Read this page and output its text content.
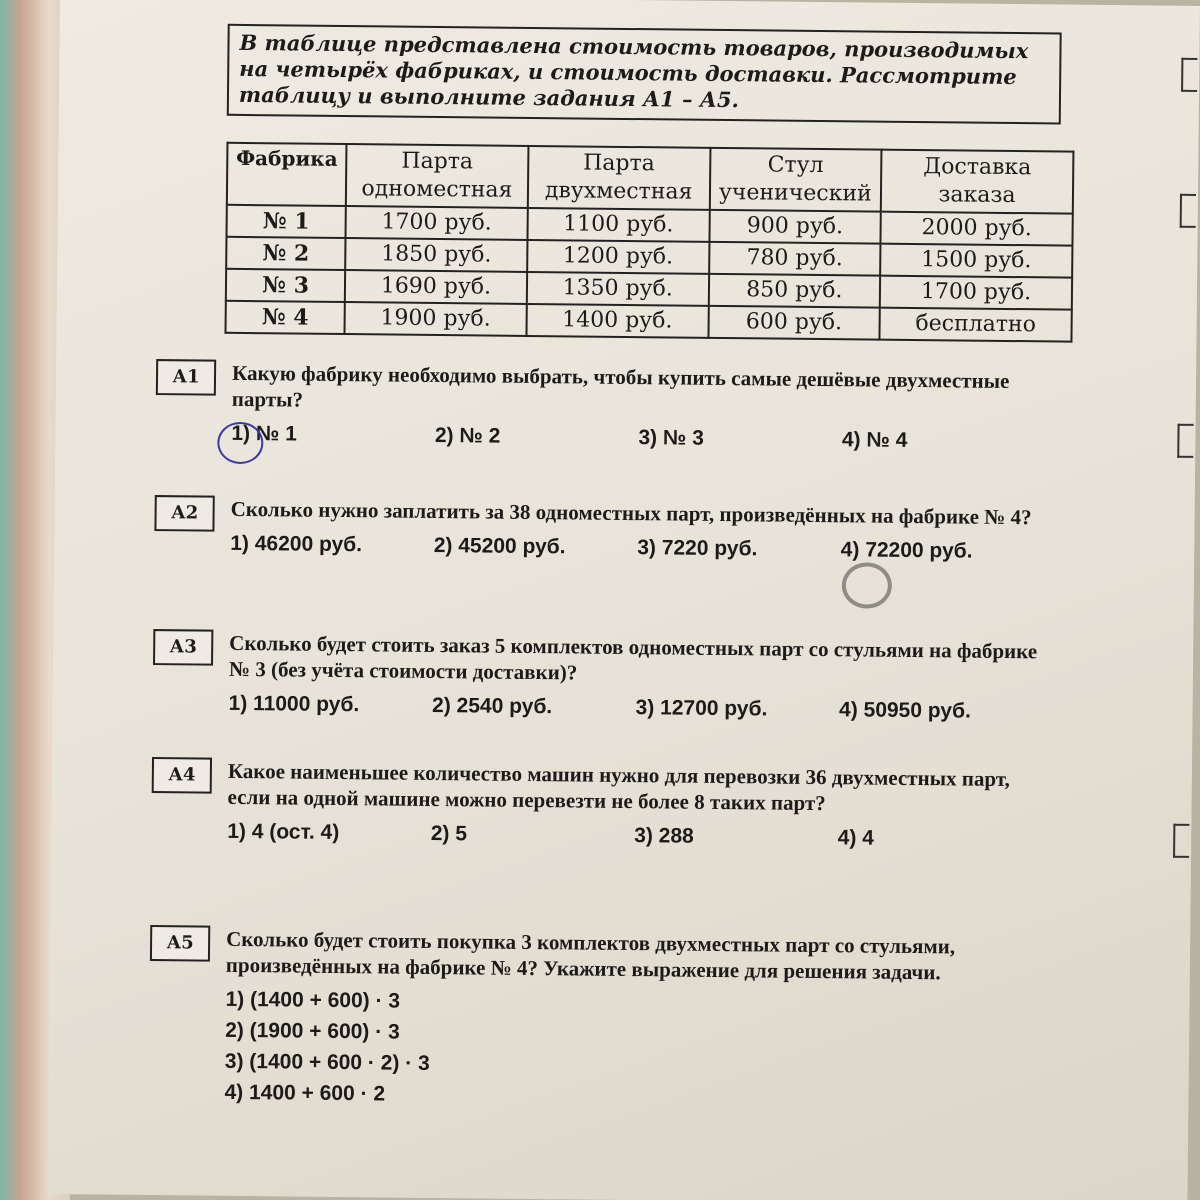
В таблице представлена стоимость товаров, производимых на четырёх фабриках, и стоимость доставки. Рассмотрите таблицу и выполните задания А1 – А5.
Фабрика	Парта одноместная	Парта двухместная	Стул ученический	Доставка заказа
№ 1	1700 руб.	1100 руб.	900 руб.	2000 руб.
№ 2	1850 руб.	1200 руб.	780 руб.	1500 руб.
№ 3	1690 руб.	1350 руб.	850 руб.	1700 руб.
№ 4	1900 руб.	1400 руб.	600 руб.	бесплатно
А1	Какую фабрику необходимо выбрать, чтобы купить самые дешёвые двухместные парты?
1) № 1	2) № 2	3) № 3	4) № 4
А2	Сколько нужно заплатить за 38 одноместных парт, произведённых на фабрике № 4?
1) 46200 руб.	2) 45200 руб.	3) 7220 руб.	4) 72200 руб.
А3	Сколько будет стоить заказ 5 комплектов одноместных парт со стульями на фабрике № 3 (без учёта стоимости доставки)?
1) 11000 руб.	2) 2540 руб.	3) 12700 руб.	4) 50950 руб.
А4	Какое наименьшее количество машин нужно для перевозки 36 двухместных парт, если на одной машине можно перевезти не более 8 таких парт?
1) 4 (ост. 4)	2) 5	3) 288	4) 4
А5	Сколько будет стоить покупка 3 комплектов двухместных парт со стульями, произведённых на фабрике № 4? Укажите выражение для решения задачи.
1) (1400 + 600) · 3
2) (1900 + 600) · 3
3) (1400 + 600 · 2) · 3
4) 1400 + 600 · 2
